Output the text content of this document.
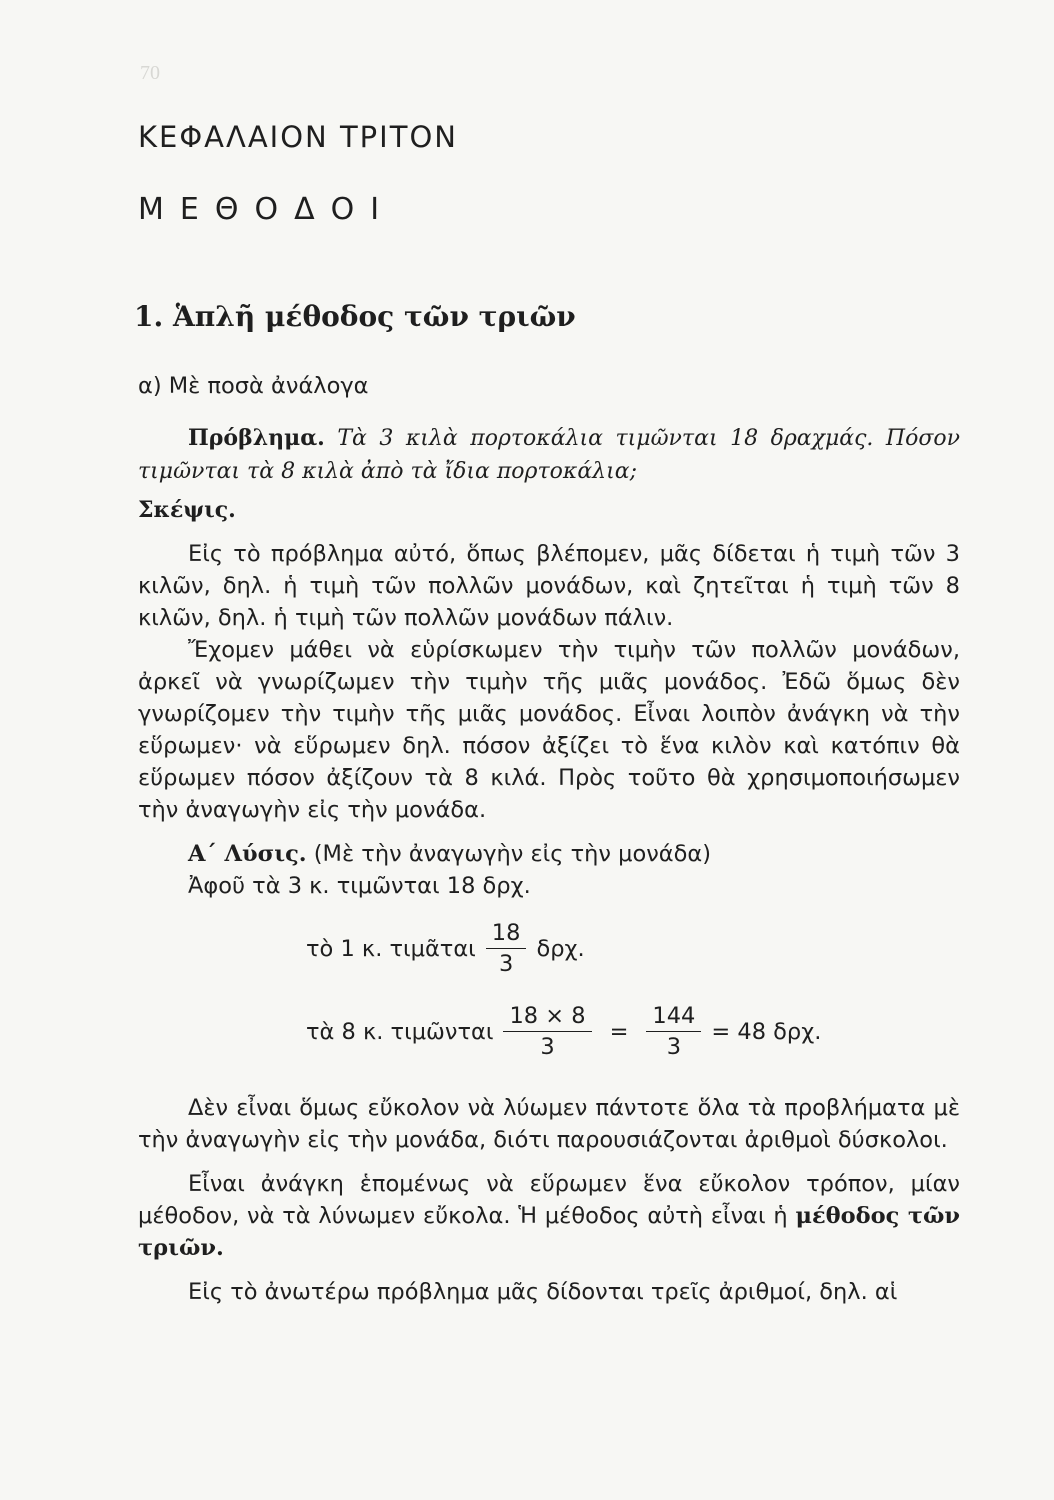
70
ΚΕΦΑΛΑΙΟΝ ΤΡΙΤΟΝ
ΜΕΘΟΔΟΙ
1. Ἁπλῆ μέθοδος τῶν τριῶν

α) Μὲ ποσὰ ἀνάλογα

Πρόβλημα. Τὰ 3 κιλὰ πορτοκάλια τιμῶνται 18 δραχμάς. Πόσον τιμῶνται τὰ 8 κιλὰ ἀπὸ τὰ ἴδια πορτοκάλια;

Σκέψις.

Εἰς τὸ πρόβλημα αὐτό, ὅπως βλέπομεν, μᾶς δίδεται ἡ τιμὴ τῶν 3 κιλῶν, δηλ. ἡ τιμὴ τῶν πολλῶν μονάδων, καὶ ζητεῖται ἡ τιμὴ τῶν 8 κιλῶν, δηλ. ἡ τιμὴ τῶν πολλῶν μονάδων πάλιν.

Ἔχομεν μάθει νὰ εὑρίσκωμεν τὴν τιμὴν τῶν πολλῶν μονάδων, ἀρκεῖ νὰ γνωρίζωμεν τὴν τιμὴν τῆς μιᾶς μονάδος. Ἐδῶ ὅμως δὲν γνωρίζομεν τὴν τιμὴν τῆς μιᾶς μονάδος. Εἶναι λοιπὸν ἀνάγκη νὰ τὴν εὕρωμεν· νὰ εὕρωμεν δηλ. πόσον ἀξίζει τὸ ἕνα κιλὸν καὶ κατόπιν θὰ εὕρωμεν πόσον ἀξίζουν τὰ 8 κιλά. Πρὸς τοῦτο θὰ χρησιμοποιήσωμεν τὴν ἀναγωγὴν εἰς τὴν μονάδα.

Α΄ Λύσις. (Μὲ τὴν ἀναγωγὴν εἰς τὴν μονάδα)

Ἀφοῦ τὰ 3 κ. τιμῶνται 18 δρχ.

τὸ 1 κ. τιμᾶται $\frac{18}{3} \delta\rho\chi$.
τὰ 8 κ. τιμῶνται $\frac{18 \times 8}{3} = \frac{144}{3} = 48$ δρχ.

Δὲν εἶναι ὅμως εὔκολον νὰ λύωμεν πάντοτε ὅλα τὰ προβλήματα μὲ τὴν ἀναγωγὴν εἰς τὴν μονάδα, διότι παρουσιάζονται ἀριθμοὶ δύσκολοι.

Εἶναι ἀνάγκη ἑπομένως νὰ εὕρωμεν ἕνα εὔκολον τρόπον, μίαν μέθοδον, νὰ τὰ λύνωμεν εὔκολα. Ἡ μέθοδος αὐτὴ εἶναι ἡ μέθοδος τῶν τριῶν.

Εἰς τὸ ἀνωτέρω πρόβλημα μᾶς δίδονται τρεῖς ἀριθμοί, δηλ. αἱ
